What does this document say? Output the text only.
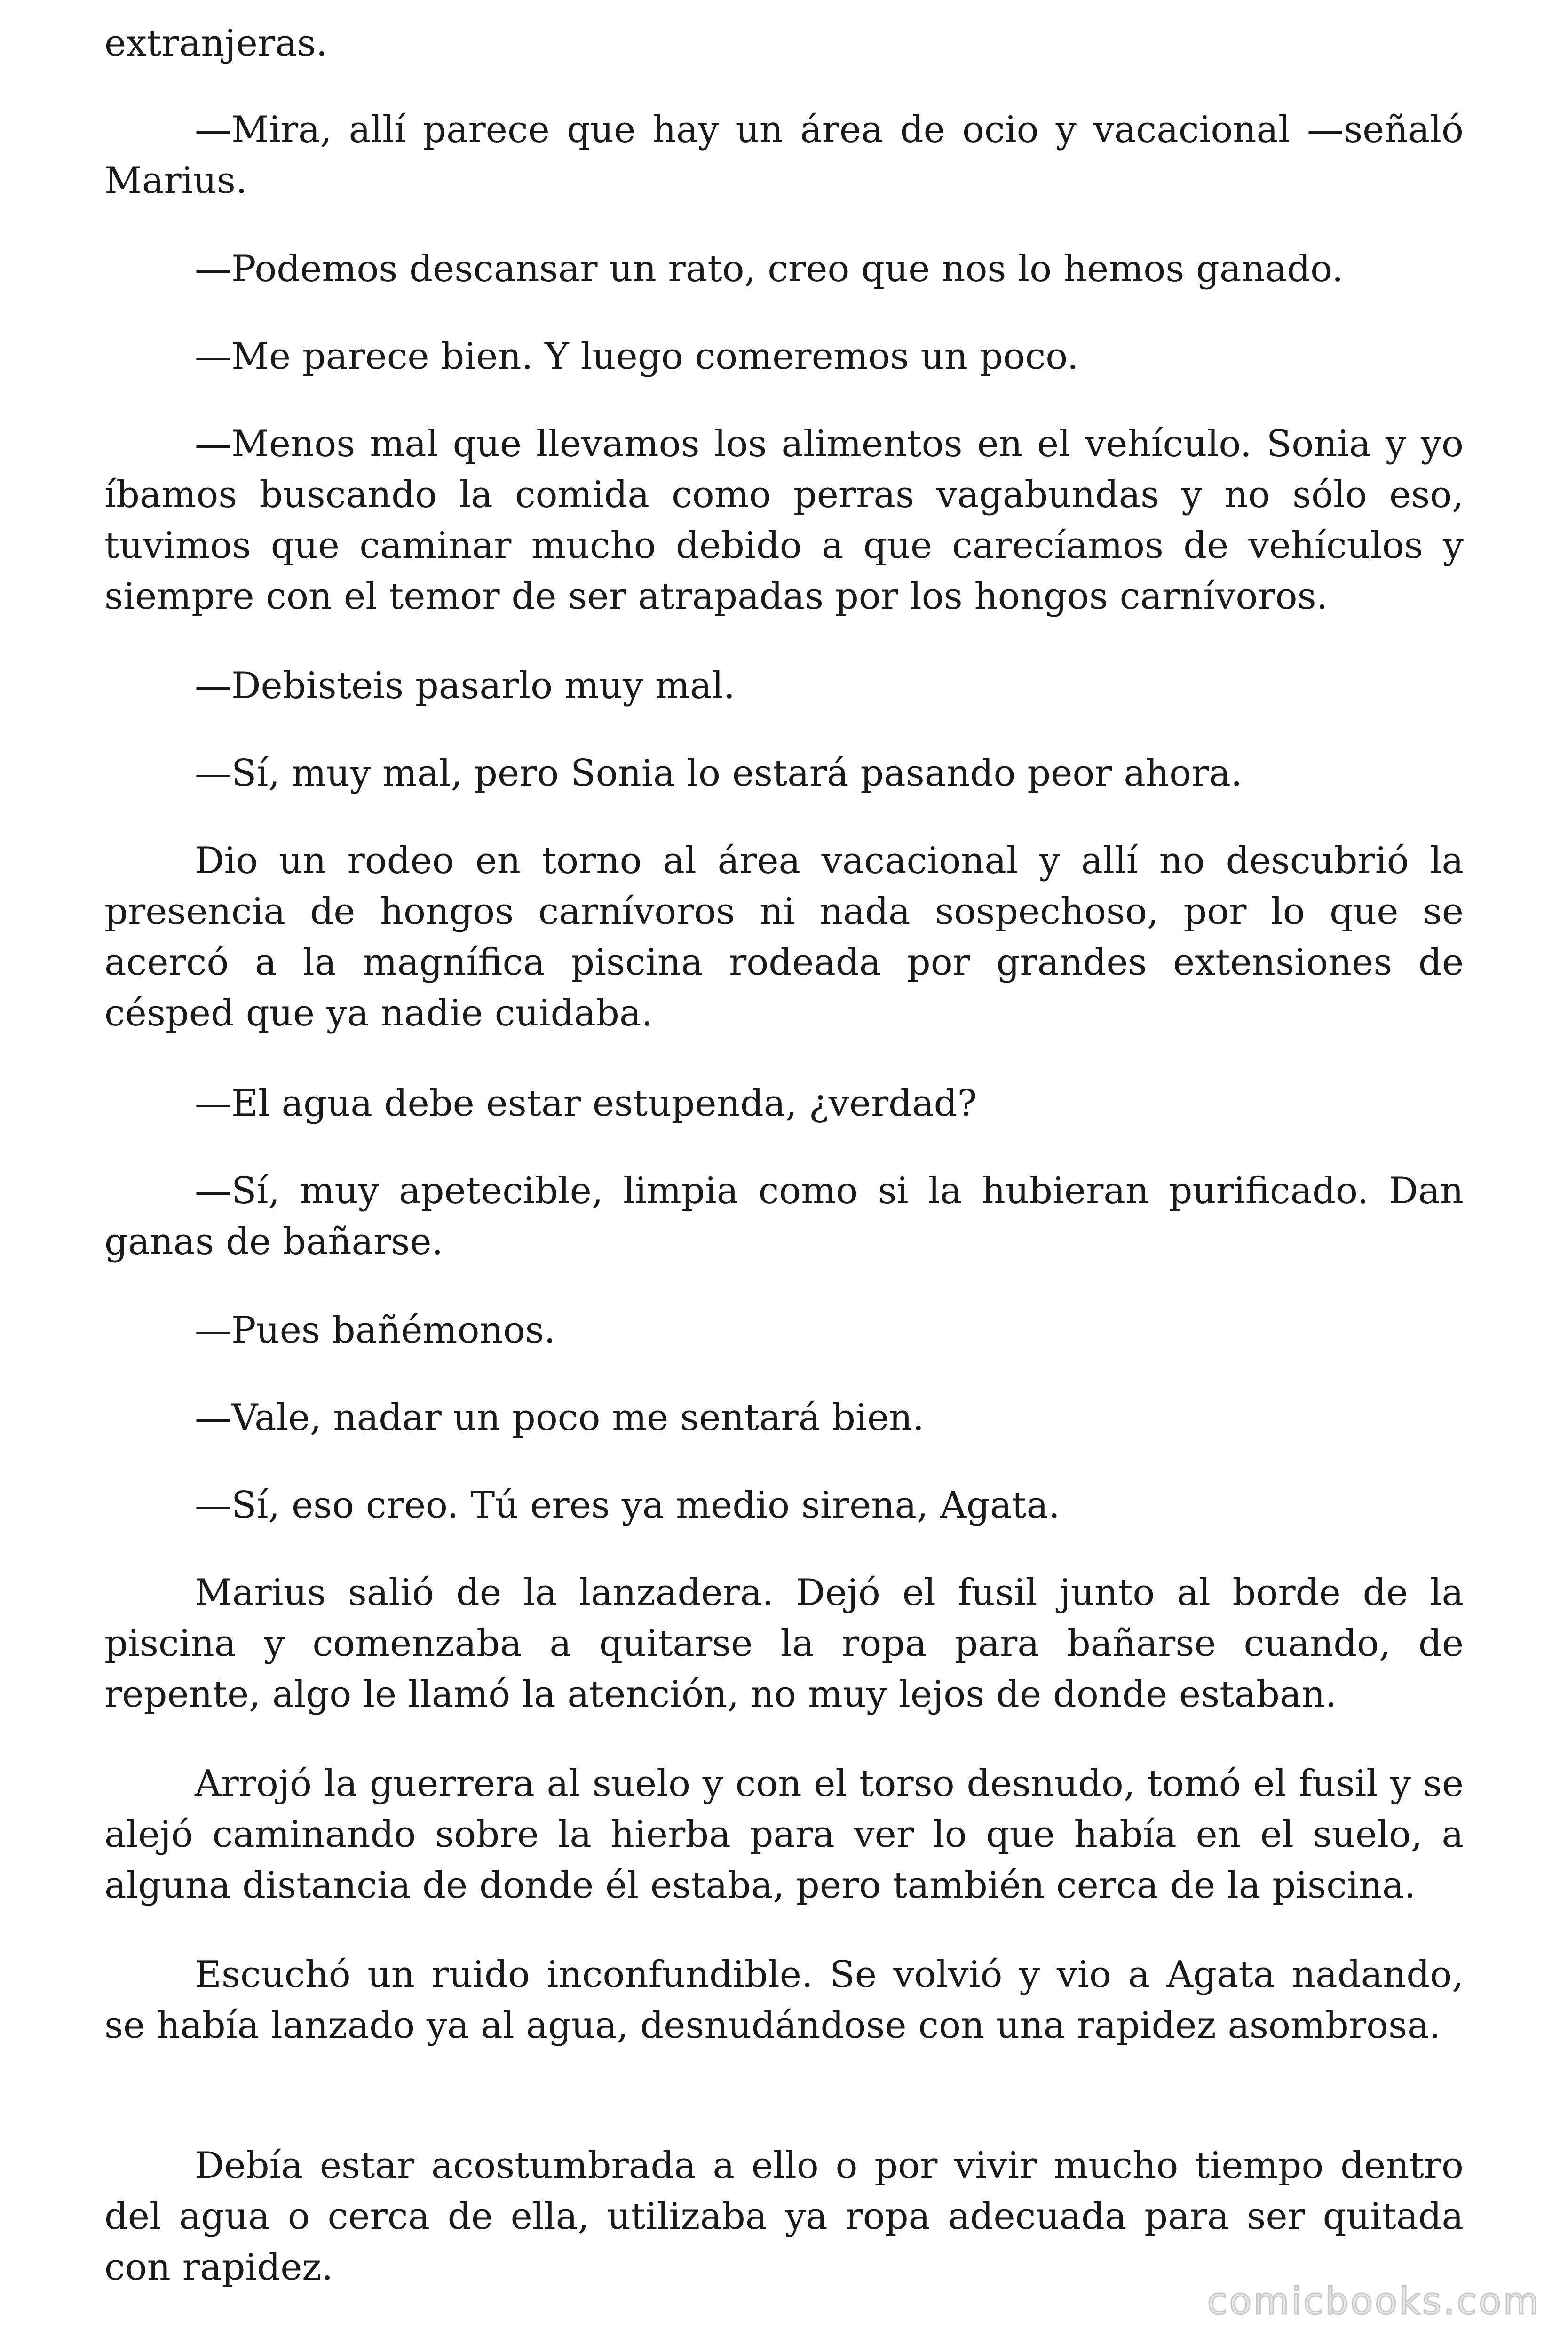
extranjeras.

—Mira, allí parece que hay un área de ocio y vacacional —señaló Marius.

—Podemos descansar un rato, creo que nos lo hemos ganado.

—Me parece bien. Y luego comeremos un poco.

—Menos mal que llevamos los alimentos en el vehículo. Sonia y yo íbamos buscando la comida como perras vagabundas y no sólo eso, tuvimos que caminar mucho debido a que carecíamos de vehículos y siempre con el temor de ser atrapadas por los hongos carnívoros.

—Debisteis pasarlo muy mal.

—Sí, muy mal, pero Sonia lo estará pasando peor ahora.

Dio un rodeo en torno al área vacacional y allí no descubrió la presencia de hongos carnívoros ni nada sospechoso, por lo que se acercó a la magnífica piscina rodeada por grandes extensiones de césped que ya nadie cuidaba.

—El agua debe estar estupenda, ¿verdad?

—Sí, muy apetecible, limpia como si la hubieran purificado. Dan ganas de bañarse.

—Pues bañémonos.

—Vale, nadar un poco me sentará bien.

—Sí, eso creo. Tú eres ya medio sirena, Agata.

Marius salió de la lanzadera. Dejó el fusil junto al borde de la piscina y comenzaba a quitarse la ropa para bañarse cuando, de repente, algo le llamó la atención, no muy lejos de donde estaban.

Arrojó la guerrera al suelo y con el torso desnudo, tomó el fusil y se alejó caminando sobre la hierba para ver lo que había en el suelo, a alguna distancia de donde él estaba, pero también cerca de la piscina.

Escuchó un ruido inconfundible. Se volvió y vio a Agata nadando, se había lanzado ya al agua, desnudándose con una rapidez asombrosa.

Debía estar acostumbrada a ello o por vivir mucho tiempo dentro del agua o cerca de ella, utilizaba ya ropa adecuada para ser quitada con rapidez.

comicbooks.com
